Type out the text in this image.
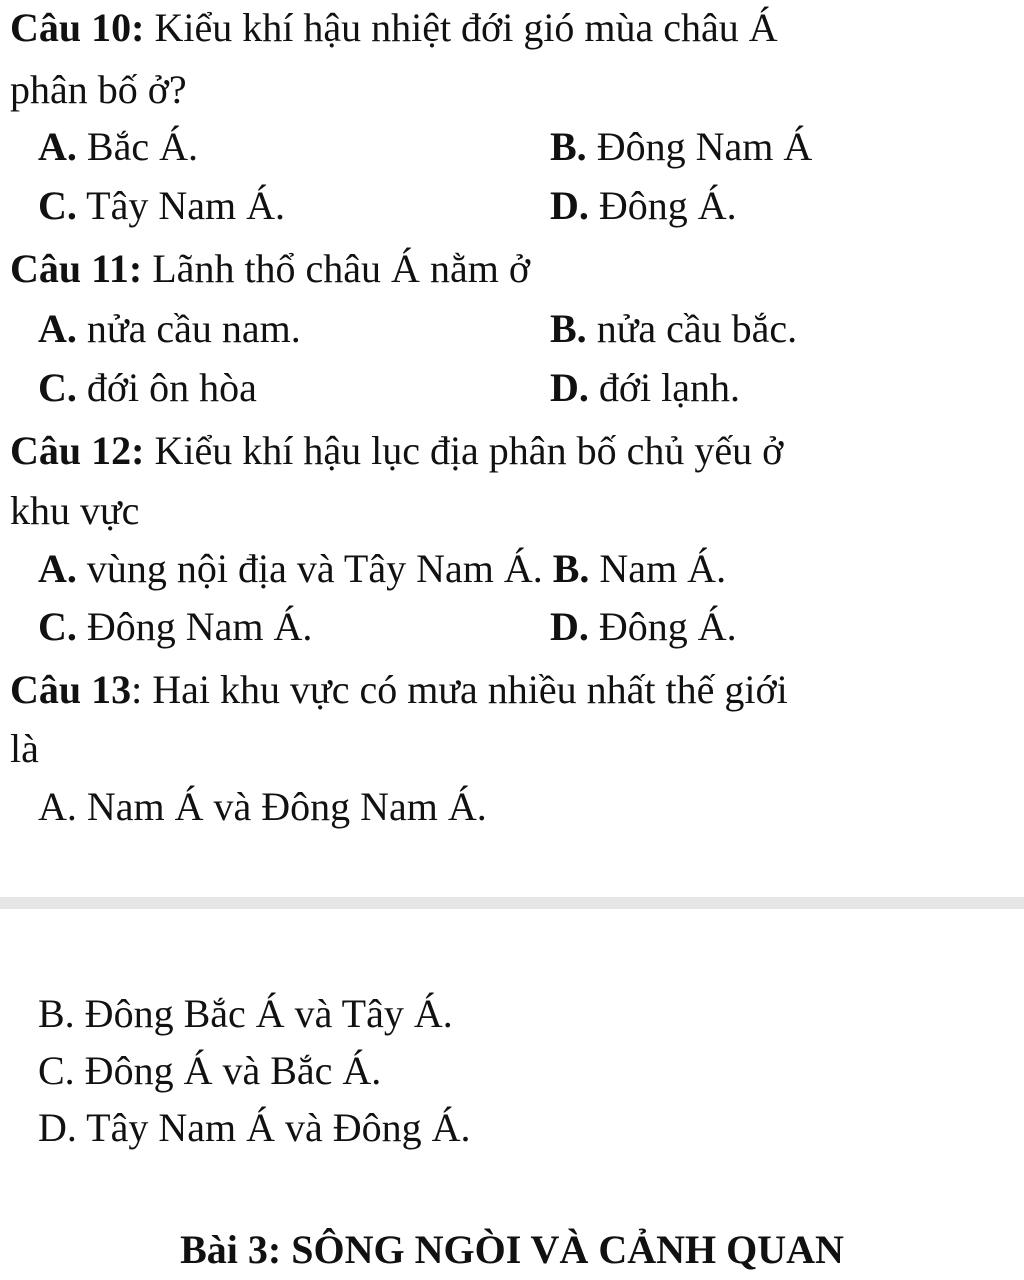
Câu 10: Kiểu khí hậu nhiệt đới gió mùa châu Á
phân bố ở?
A. Bắc Á.	B. Đông Nam Á
C. Tây Nam Á.	D. Đông Á.
Câu 11: Lãnh thổ châu Á nằm ở
A. nửa cầu nam.	B. nửa cầu bắc.
C. đới ôn hòa	D. đới lạnh.
Câu 12: Kiểu khí hậu lục địa phân bố chủ yếu ở
khu vực
A. vùng nội địa và Tây Nam Á. B. Nam Á.
C. Đông Nam Á.	D. Đông Á.
Câu 13: Hai khu vực có mưa nhiều nhất thế giới
là
A. Nam Á và Đông Nam Á.
B. Đông Bắc Á và Tây Á.
C. Đông Á và Bắc Á.
D. Tây Nam Á và Đông Á.
Bài 3: SÔNG NGÒI VÀ CẢNH QUAN
